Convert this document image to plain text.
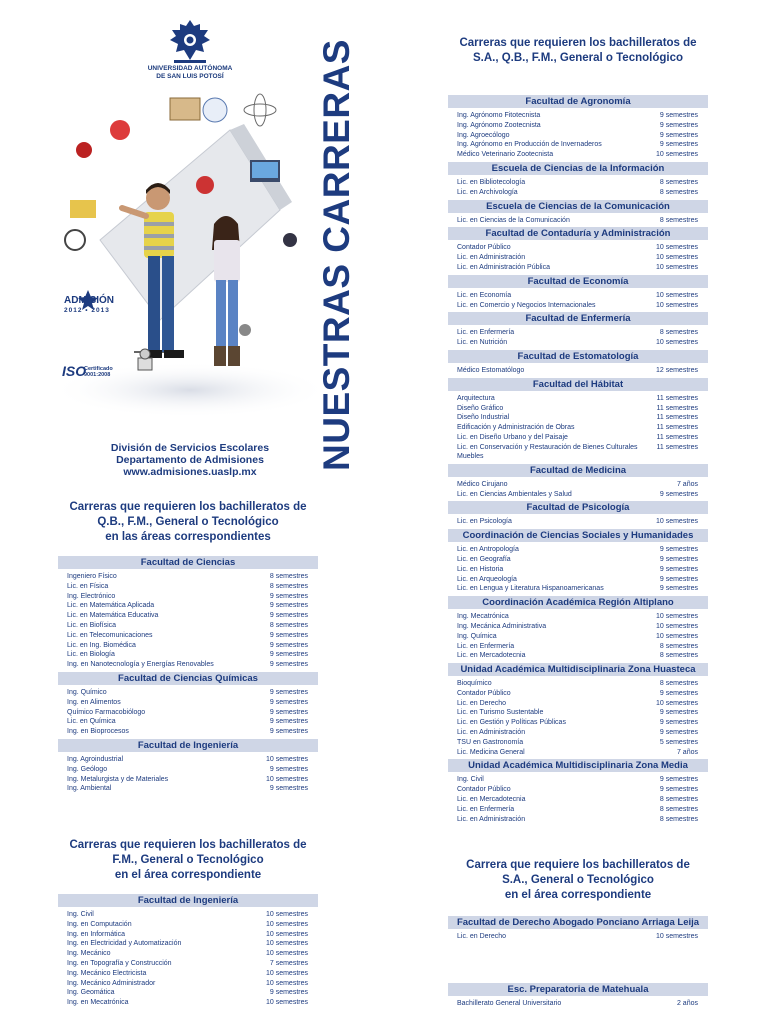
UNIVERSIDAD AUTÓNOMA
DE SAN LUIS POTOSÍ
ADMISIÓN
2012 • 2013
ISO
Certificado
9001:2008	NUESTRAS CARRERAS
División de Servicios Escolares
Departamento de Admisiones
www.admisiones.uaslp.mx
Carreras que requieren los bachilleratos de
Q.B., F.M., General o Tecnológico
en las áreas correspondientes
Facultad de Ciencias
Ingeniero Físico	8 semestres
Lic. en Física	8 semestres
Ing. Electrónico	9 semestres
Lic. en Matemática Aplicada	9 semestres
Lic. en Matemática Educativa	9 semestres
Lic. en Biofísica	8 semestres
Lic. en Telecomunicaciones	9 semestres
Lic. en Ing. Biomédica	9 semestres
Lic. en Biología	9 semestres
Ing. en Nanotecnología y Energías Renovables	9 semestres
Facultad de Ciencias Químicas
Ing. Químico	9 semestres
Ing. en Alimentos	9 semestres
Químico Farmacobiólogo	9 semestres
Lic. en Química	9 semestres
Ing. en Bioprocesos	9 semestres
Facultad de Ingeniería
Ing. Agroindustrial	10 semestres
Ing. Geólogo	9 semestres
Ing. Metalurgista y de Materiales	10 semestres
Ing. Ambiental	9 semestres
Carreras que requieren los bachilleratos de
F.M., General o Tecnológico
en el área correspondiente
Facultad de Ingeniería
Ing. Civil	10 semestres
Ing. en Computación	10 semestres
Ing. en Informática	10 semestres
Ing. en Electricidad y Automatización	10 semestres
Ing. Mecánico	10 semestres
Ing. en Topografía y Construcción	7 semestres
Ing. Mecánico Electricista	10 semestres
Ing. Mecánico Administrador	10 semestres
Ing. Geomática	9 semestres
Ing. en Mecatrónica	10 semestres
Carreras que requieren los bachilleratos de
S.A., Q.B., F.M., General o Tecnológico
Facultad de Agronomía
Ing. Agrónomo Fitotecnista	9 semestres
Ing. Agrónomo Zootecnista	9 semestres
Ing. Agroecólogo	9 semestres
Ing. Agrónomo en Producción de Invernaderos	9 semestres
Médico Veterinario Zootecnista	10 semestres
Escuela de Ciencias de la Información
Lic. en Bibliotecología	8 semestres
Lic. en Archivología	8 semestres
Escuela de Ciencias de la Comunicación
Lic. en Ciencias de la Comunicación	8 semestres
Facultad de Contaduría y Administración
Contador Público	10 semestres
Lic. en Administración	10 semestres
Lic. en Administración Pública	10 semestres
Facultad de Economía
Lic. en Economía	10 semestres
Lic. en Comercio y Negocios Internacionales	10 semestres
Facultad de Enfermería
Lic. en Enfermería	8 semestres
Lic. en Nutrición	10 semestres
Facultad de Estomatología
Médico Estomatólogo	12 semestres
Facultad del Hábitat
Arquitectura	11 semestres
Diseño Gráfico	11 semestres
Diseño Industrial	11 semestres
Edificación y Administración de Obras	11 semestres
Lic. en Diseño Urbano y del Paisaje	11 semestres
Lic. en Conservación y Restauración de Bienes Culturales Muebles
11 semestres
Facultad de Medicina
Médico Cirujano	7 años
Lic. en Ciencias Ambientales y Salud	9 semestres
Facultad de Psicología
Lic. en Psicología	10 semestres
Coordinación de Ciencias Sociales y Humanidades
Lic. en Antropología	9 semestres
Lic. en Geografía	9 semestres
Lic. en Historia	9 semestres
Lic. en Arqueología	9 semestres
Lic. en Lengua y Literatura Hispanoamericanas	9 semestres
Coordinación Académica Región Altiplano
Ing. Mecatrónica	10 semestres
Ing. Mecánica Administrativa	10 semestres
Ing. Química	10 semestres
Lic. en Enfermería	8 semestres
Lic. en Mercadotecnia	8 semestres
Unidad Académica Multidisciplinaria Zona Huasteca
Bioquímico	8 semestres
Contador Público	9 semestres
Lic. en Derecho	10 semestres
Lic. en Turismo Sustentable	9 semestres
Lic. en Gestión y Políticas Públicas	9 semestres
Lic. en Administración	9 semestres
TSU en Gastronomía	5 semestres
Lic. Medicina General	7 años
Unidad Académica Multidisciplinaria Zona Media
Ing. Civil	9 semestres
Contador Público	9 semestres
Lic. en Mercadotecnia	8 semestres
Lic. en Enfermería	8 semestres
Lic. en Administración	8 semestres
Carrera que requiere los bachilleratos de
S.A., General o Tecnológico
en el área correspondiente
Facultad de Derecho Abogado Ponciano Arriaga Leija
Lic. en Derecho	10 semestres
Esc. Preparatoria de Matehuala
Bachillerato General Universitario	2 años
